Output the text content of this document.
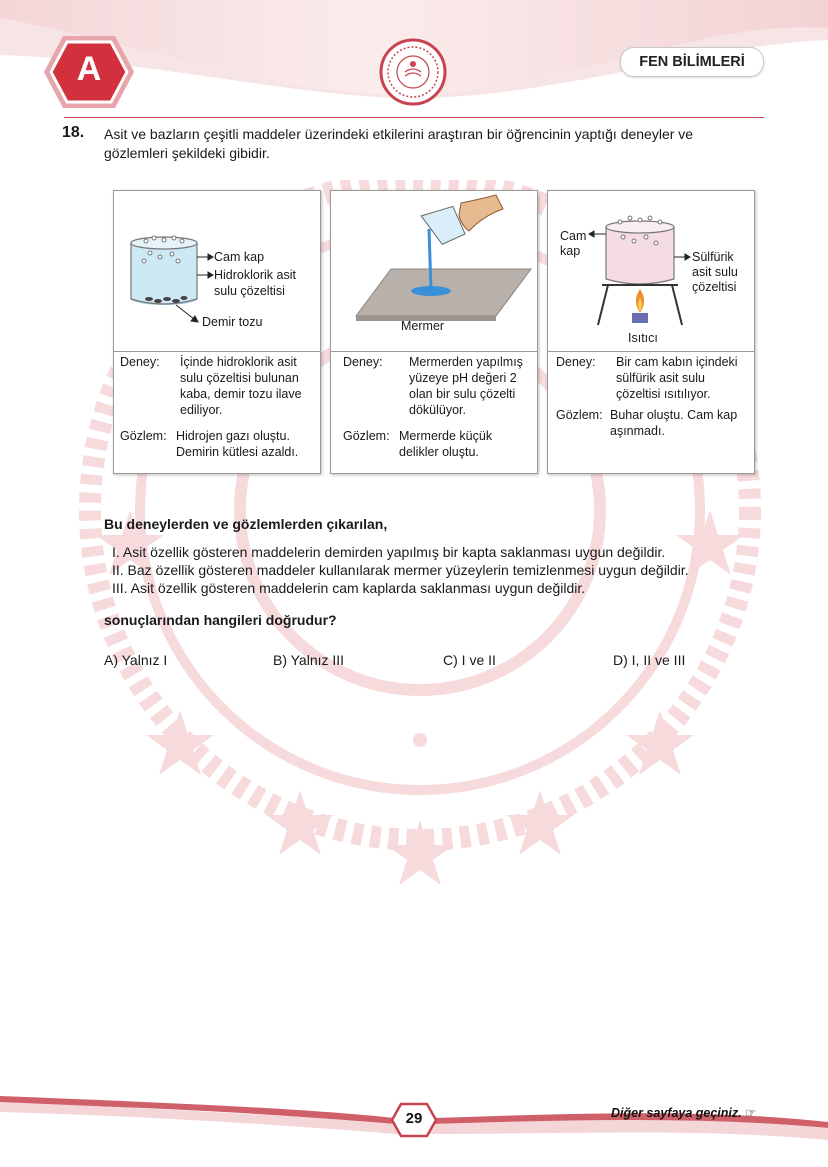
A	FEN BİLİMLERİ
18. Asit ve bazların çeşitli maddeler üzerindeki etkilerini araştıran bir öğrencinin yaptığı deneyler ve gözlemleri şekildeki gibidir.
Cam kap
Hidroklorik asit
sulu çözeltisi
Demir tozu
Deney:	İçinde hidroklorik asit sulu çözeltisi bulunan kaba, demir tozu ilave ediliyor.
Gözlem: Hidrojen gazı oluştu. Demirin kütlesi azaldı.
Mermer
Deney:	Mermerden yapılmış yüzeye pH değeri 2 olan bir sulu çözelti dökülüyor.
Gözlem: Mermerde küçük delikler oluştu.
Cam
kap	Sülfürik
asit sulu
çözeltisi
Isıtıcı
Deney:	Bir cam kabın içindeki sülfürik asit sulu çözeltisi ısıtılıyor.
Gözlem: Buhar oluştu. Cam kap aşınmadı.
Bu deneylerden ve gözlemlerden çıkarılan,
I. Asit özellik gösteren maddelerin demirden yapılmış bir kapta saklanması uygun değildir.
II. Baz özellik gösteren maddeler kullanılarak mermer yüzeylerin temizlenmesi uygun değildir.
III. Asit özellik gösteren maddelerin cam kaplarda saklanması uygun değildir.
sonuçlarından hangileri doğrudur?
A) Yalnız I	B) Yalnız III	C) I ve II	D) I, II ve III
29	Diğer sayfaya geçiniz. ☞
